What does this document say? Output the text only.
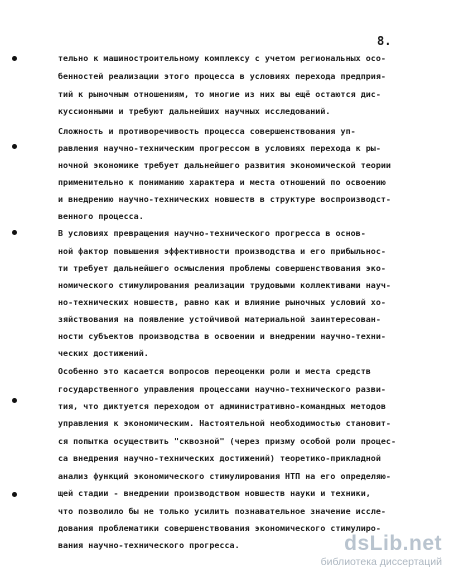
8.
тельно к машиностроительному комплексу с учетом региональных осо-
бенностей реализации этого процесса в условиях перехода предприя-
тий к рыночным отношениям, то многие из них вы ещё остаются дис-
куссионными и требуют дальнейших научных исследований.
Сложность и противоречивость процесса совершенствования уп-
равления научно-техническим прогрессом в условиях перехода к ры-
ночной экономике требует дальнейшего развития экономической теории
применительно к пониманию характера и места отношений по освоению
и внедрению научно-технических новшеств в структуре воспроизводст-
венного процесса.
В условиях превращения научно-технического прогресса в основ-
ной фактор повышения эффективности производства и его прибыльнос-
ти требует дальнейшего осмысления проблемы совершенствования эко-
номического стимулирования реализации трудовыми коллективами науч-
но-технических новшеств, равно как и влияние рыночных условий хо-
зяйствования на появление устойчивой материальной заинтересован-
ности субъектов производства в освоении и внедрении научно-техни-
ческих достижений.
Особенно это касается вопросов переоценки роли и места средств
государственного управления процессами научно-технического разви-
тия, что диктуется переходом от административно-командных методов
управления к экономическим. Настоятельной необходимостью становит-
ся попытка осуществить "сквозной" (через призму особой роли процес-
са внедрения научно-технических достижений) теоретико-прикладной
анализ функций экономического стимулирования НТП на его определяю-
щей стадии - внедрении производством новшеств науки и техники,
что позволило бы не только усилить познавательное значение иссле-
дования проблематики совершенствования экономического стимулиро-
вания научно-технического прогресса.	dsLib.net
библиотека диссертаций
